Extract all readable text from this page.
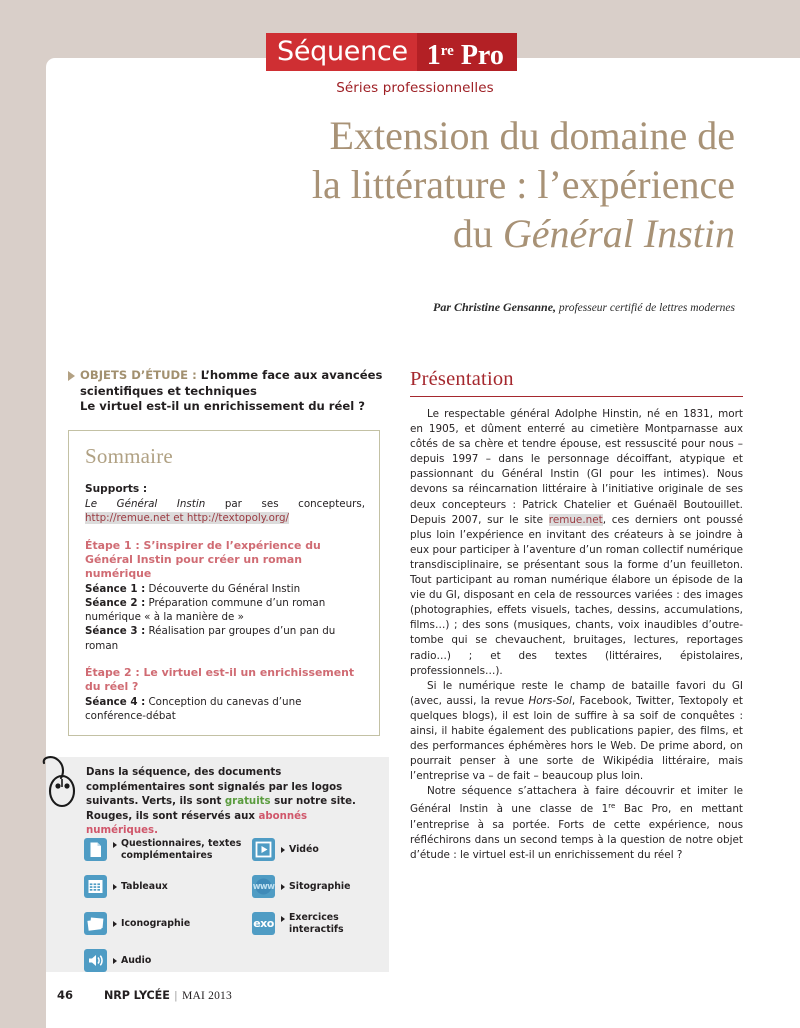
Séquence 1re Pro
Séries professionnelles
Extension du domaine de
la littérature : l’expérience
du Général Instin
Par Christine Gensanne, professeur certifié de lettres modernes
OBJETS D’ÉTUDE : L’homme face aux avancées
scientifiques et techniques
Le virtuel est-il un enrichissement du réel ?
Sommaire
Supports :
Le Général Instin par ses concepteurs, http://remue.net et http://textopoly.org/
Étape 1 : S’inspirer de l’expérience du Général Instin pour créer un roman numérique
Séance 1 : Découverte du Général Instin
Séance 2 : Préparation commune d’un roman numérique « à la manière de »
Séance 3 : Réalisation par groupes d’un pan du roman
Étape 2 : Le virtuel est-il un enrichissement du réel ?
Séance 4 : Conception du canevas d’une conférence-débat
Dans la séquence, des documents complémentaires sont signalés par les logos suivants. Verts, ils sont gratuits sur notre site. Rouges, ils sont réservés aux abonnés numériques.
Questionnaires, textes complémentaires
Tableaux
Iconographie
Audio
Vidéo
www	Sitographie
exo	Exercices interactifs
Présentation

Le respectable général Adolphe Hinstin, né en 1831, mort en 1905, et dûment enterré au cimetière Montparnasse aux côtés de sa chère et tendre épouse, est ressuscité pour nous – depuis 1997 – dans le personnage décoiffant, atypique et passionnant du Général Instin (GI pour les intimes). Nous devons sa réincarnation littéraire à l’initiative originale de ses deux concepteurs : Patrick Chatelier et Guénaël Boutouillet. Depuis 2007, sur le site remue.net, ces derniers ont poussé plus loin l’expérience en invitant des créateurs à se joindre à eux pour participer à l’aventure d’un roman collectif numérique transdisciplinaire, se présentant sous la forme d’un feuilleton. Tout participant au roman numérique élabore un épisode de la vie du GI, disposant en cela de ressources variées : des images (photographies, effets visuels, taches, dessins, accumulations, films…) ; des sons (musiques, chants, voix inaudibles d’outre-tombe qui se chevauchent, bruitages, lectures, reportages radio…) ; et des textes (littéraires, épistolaires, professionnels…).

Si le numérique reste le champ de bataille favori du GI (avec, aussi, la revue Hors-Sol, Facebook, Twitter, Textopoly et quelques blogs), il est loin de suffire à sa soif de conquêtes : ainsi, il habite également des publications papier, des films, et des performances éphémères hors le Web. De prime abord, on pourrait penser à une sorte de Wikipédia littéraire, mais l’entreprise va – de fait – beaucoup plus loin.

Notre séquence s’attachera à faire découvrir et imiter le Général Instin à une classe de 1re Bac Pro, en mettant l’entreprise à sa portée. Forts de cette expérience, nous réfléchirons dans un second temps à la question de notre objet d’étude : le virtuel est-il un enrichissement du réel ?

46	NRP LYCÉE | MAI 2013
